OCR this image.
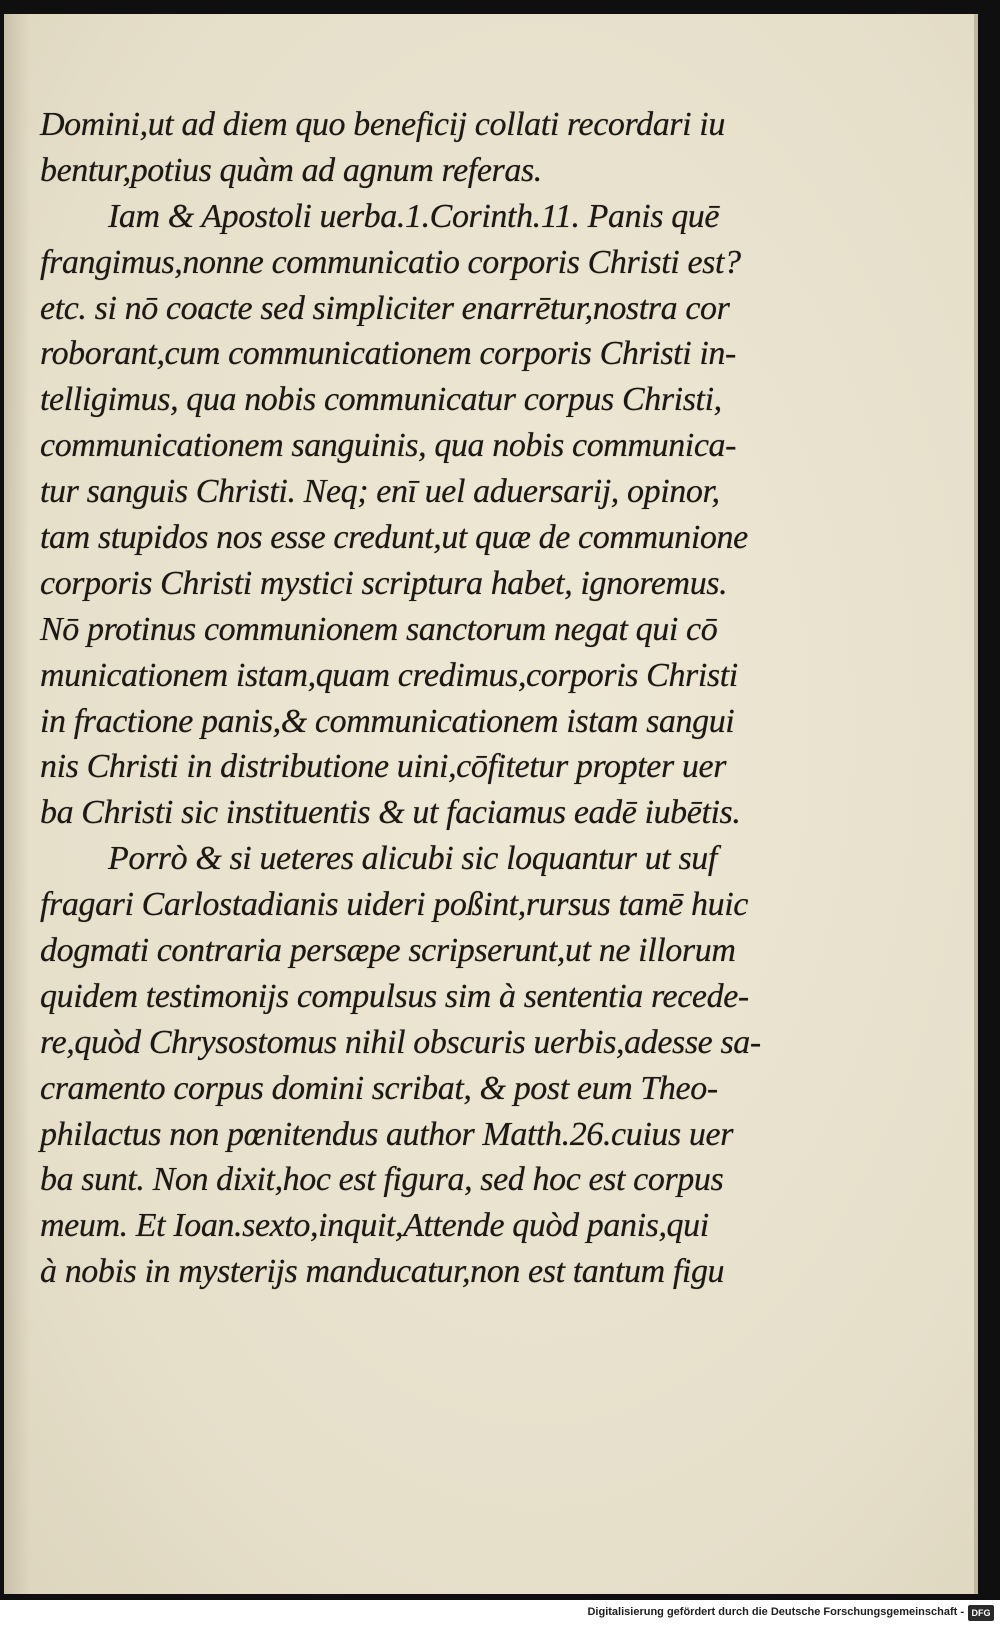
Domini,ut ad diem quo beneficij collati recordari iu
bentur,potius quàm ad agnum referas.
Iam & Apostoli uerba.1.Corinth.11. Panis quē
frangimus,nonne communicatio corporis Christi est?
etc. si nō coacte sed simpliciter enarrētur,nostra cor
roborant,cum communicationem corporis Christi in-
telligimus, qua nobis communicatur corpus Christi,
communicationem sanguinis, qua nobis communica-
tur sanguis Christi. Neq; enī uel aduersarij, opinor,
tam stupidos nos esse credunt,ut quæ de communione
corporis Christi mystici scriptura habet, ignoremus.
Nō protinus communionem sanctorum negat qui cō
municationem istam,quam credimus,corporis Christi
in fractione panis,& communicationem istam sangui
nis Christi in distributione uini,cōfitetur propter uer
ba Christi sic instituentis & ut faciamus eadē iubētis.
Porrò & si ueteres alicubi sic loquantur ut suf
fragari Carlostadianis uideri poßint,rursus tamē huic
dogmati contraria persæpe scripserunt,ut ne illorum
quidem testimonijs compulsus sim à sententia recede-
re,quòd Chrysostomus nihil obscuris uerbis,adesse sa-
cramento corpus domini scribat, & post eum Theo-
philactus non pœnitendus author Matth.26.cuius uer
ba sunt. Non dixit,hoc est figura, sed hoc est corpus
meum. Et Ioan.sexto,inquit,Attende quòd panis,qui
à nobis in mysterijs manducatur,non est tantum figu
Digitalisierung gefördert durch die Deutsche Forschungsgemeinschaft - DFG
